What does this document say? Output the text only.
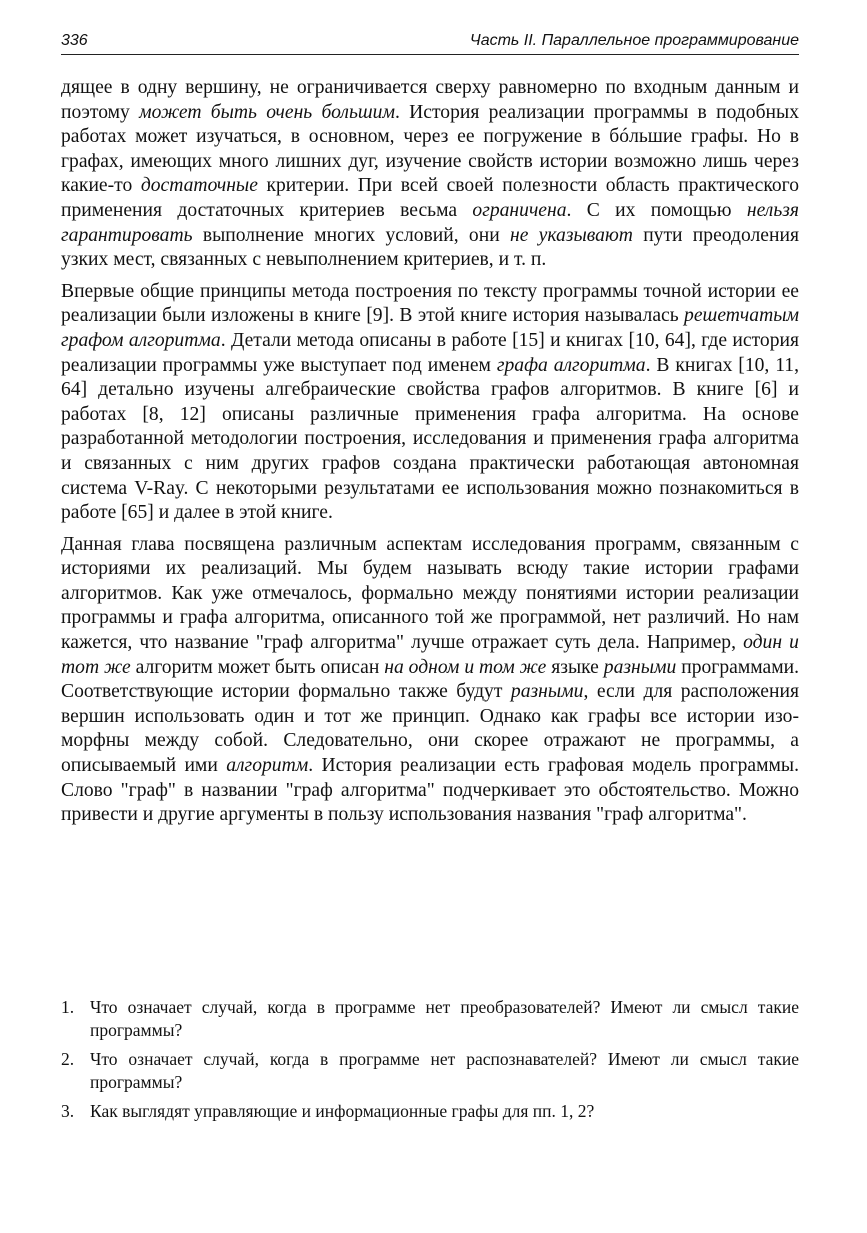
336	Часть II. Параллельное программирование

дящее в одну вершину, не ограничивается сверху равномерно по входным данным и поэтому может быть очень большим. История реализации программы в подобных работах может изучаться, в основном, через ее погружение в бóльшие графы. Но в графах, имеющих много лишних дуг, изучение свойств истории возможно лишь через какие-то достаточные критерии. При всей своей полезности область практического применения достаточных критериев весьма ограничена. С их помощью нельзя гарантировать выполнение многих условий, они не указывают пути преодоления узких мест, связанных с невыполнением критериев, и т. п.

Впервые общие принципы метода построения по тексту программы точной истории ее реализации были изложены в книге [9]. В этой книге история называлась решетчатым графом алгоритма. Детали метода описаны в работе [15] и книгах [10, 64], где история реализации программы уже выступает под именем графа алгоритма. В книгах [10, 11, 64] детально изучены алгебраические свойства графов алгоритмов. В книге [6] и работах [8, 12] описаны различные применения графа алгоритма. На основе разработанной методологии построения, исследования и применения графа алгоритма и связанных с ним других графов создана практически работающая автономная система V-Ray. С некоторыми результатами ее использования можно познакомиться в работе [65] и далее в этой книге.

Данная глава посвящена различным аспектам исследования программ, связанным с историями их реализаций. Мы будем называть всюду такие истории графами алгоритмов. Как уже отмечалось, формально между понятиями истории реализации программы и графа алгоритма, описанного той же программой, нет различий. Но нам кажется, что название "граф алгоритма" лучше отражает суть дела. Например, один и тот же алгоритм может быть описан на одном и том же языке разными программами. Соответствующие истории формально также будут разными, если для расположения вершин использовать один и тот же принцип. Однако как графы все истории изоморфны между собой. Следовательно, они скорее отражают не программы, а описываемый ими алгоритм. История реализации есть графовая модель программы. Слово "граф" в названии "граф алгоритма" подчеркивает это обстоятельство. Можно привести и другие аргументы в пользу использования названия "граф алгоритма".

1. Что означает случай, когда в программе нет преобразователей? Имеют ли смысл такие программы?
2. Что означает случай, когда в программе нет распознавателей? Имеют ли смысл такие программы?
3. Как выглядят управляющие и информационные графы для пп. 1, 2?
